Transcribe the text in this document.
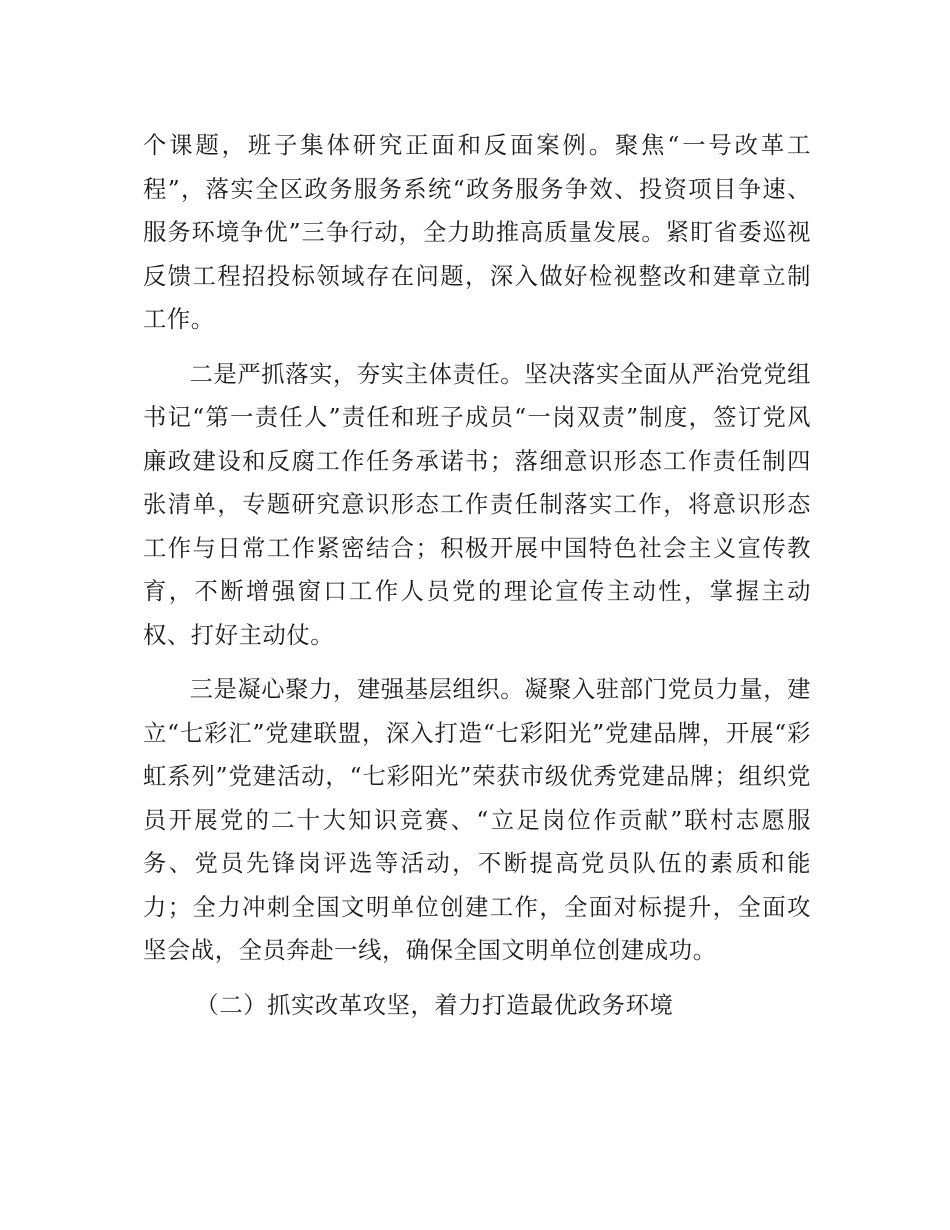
个课题，班子集体研究正面和反面案例。聚焦“一号改革工程”，落实全区政务服务系统“政务服务争效、投资项目争速、服务环境争优”三争行动，全力助推高质量发展。紧盯省委巡视反馈工程招投标领域存在问题，深入做好检视整改和建章立制工作。

二是严抓落实，夯实主体责任。坚决落实全面从严治党党组书记“第一责任人”责任和班子成员“一岗双责”制度，签订党风廉政建设和反腐工作任务承诺书；落细意识形态工作责任制四张清单，专题研究意识形态工作责任制落实工作，将意识形态工作与日常工作紧密结合；积极开展中国特色社会主义宣传教育，不断增强窗口工作人员党的理论宣传主动性，掌握主动权、打好主动仗。

三是凝心聚力，建强基层组织。凝聚入驻部门党员力量，建立“七彩汇”党建联盟，深入打造“七彩阳光”党建品牌，开展“彩虹系列”党建活动，“七彩阳光”荣获市级优秀党建品牌；组织党员开展党的二十大知识竞赛、“立足岗位作贡献”联村志愿服务、党员先锋岗评选等活动，不断提高党员队伍的素质和能力；全力冲刺全国文明单位创建工作，全面对标提升，全面攻坚会战，全员奔赴一线，确保全国文明单位创建成功。

（二）抓实改革攻坚，着力打造最优政务环境
